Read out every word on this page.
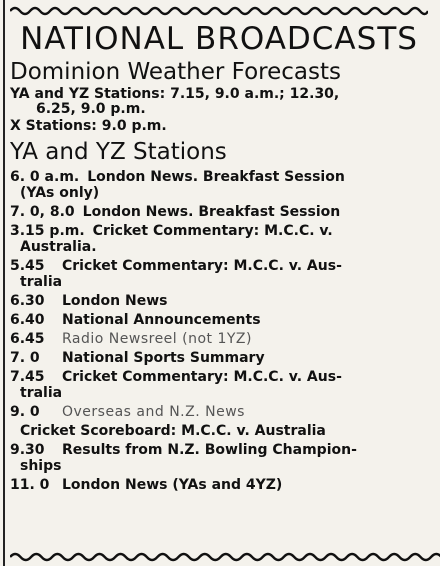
NATIONAL BROADCASTS
Dominion Weather Forecasts
YA and YZ Stations: 7.15, 9.0 a.m.; 12.30,
6.25, 9.0 p.m.
X Stations: 9.0 p.m.
YA and YZ Stations
6. 0 a.m. London News. Breakfast Session
(YAs only)
7. 0, 8.0 London News. Breakfast Session
3.15 p.m. Cricket Commentary: M.C.C. v.
Australia.
5.45 Cricket Commentary: M.C.C. v. Aus-
tralia
6.30 London News
6.40 National Announcements
6.45 Radio Newsreel (not 1YZ)
7. 0 National Sports Summary
7.45 Cricket Commentary: M.C.C. v. Aus-
tralia
9. 0 Overseas and N.Z. News
Cricket Scoreboard: M.C.C. v. Australia
9.30 Results from N.Z. Bowling Champion-
ships
11. 0 London News (YAs and 4YZ)
